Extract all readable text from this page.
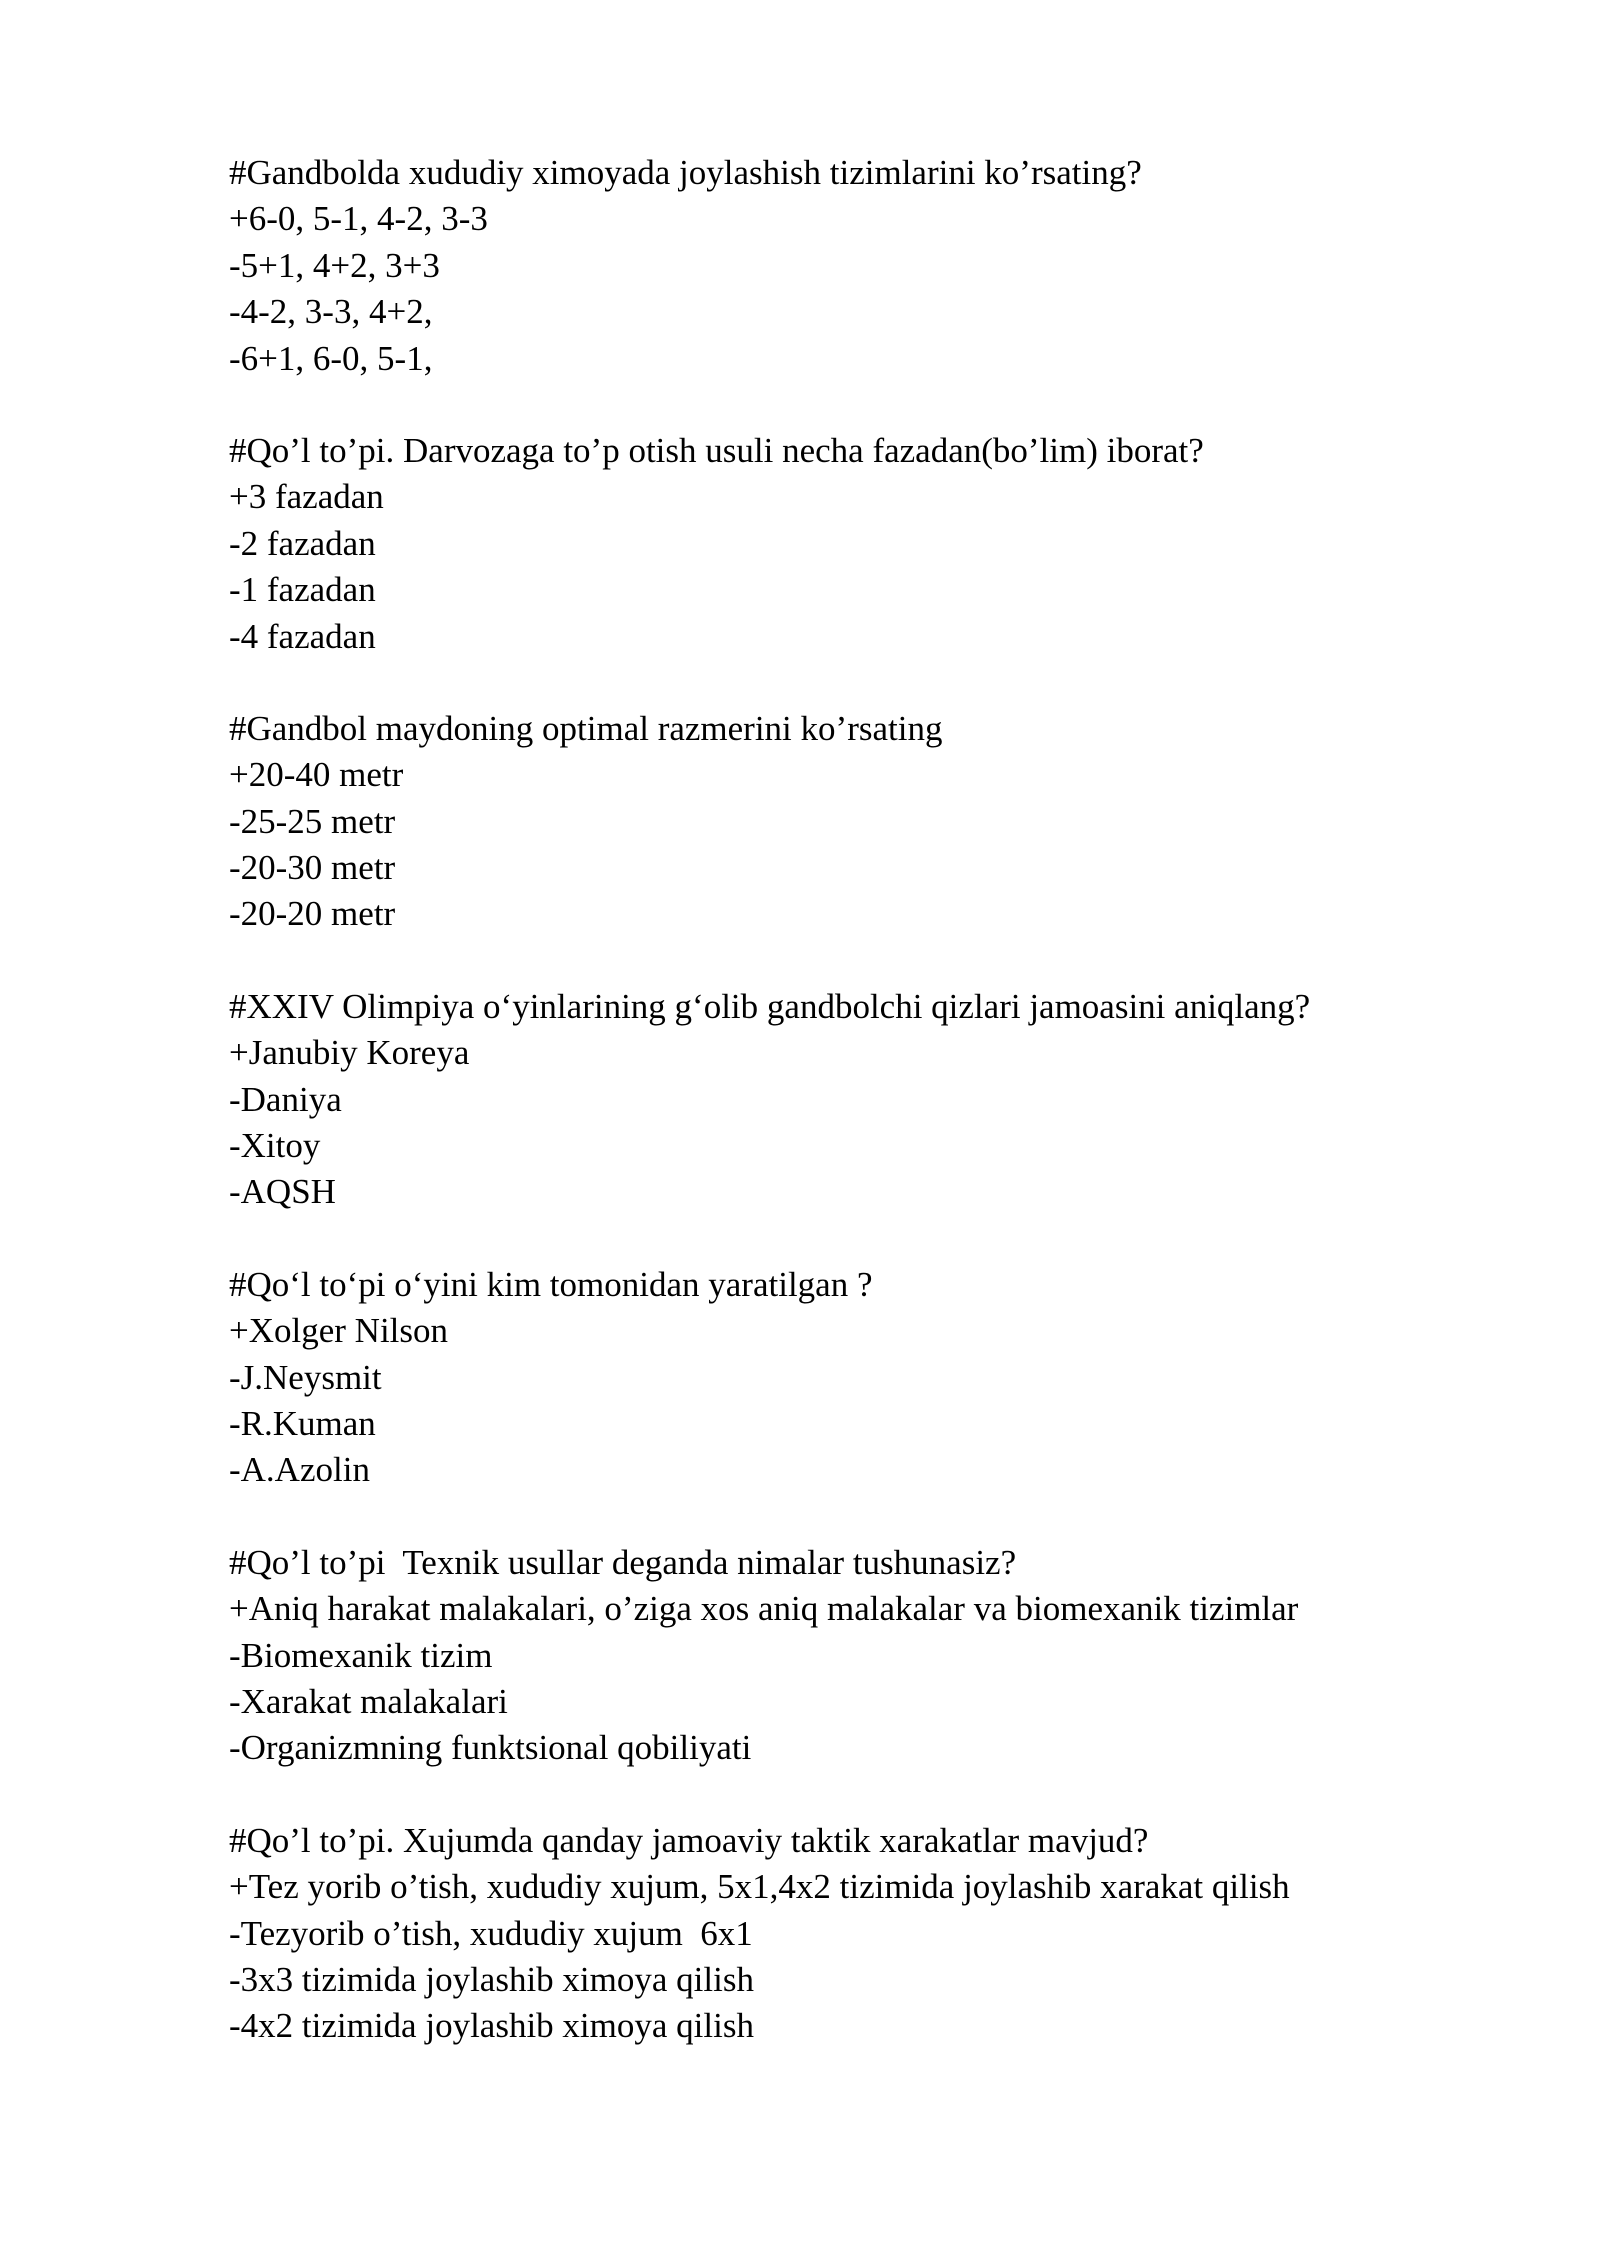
#Gandbolda xududiy ximoyada joylashish tizimlarini ko’rsating?
+6-0, 5-1, 4-2, 3-3
-5+1, 4+2, 3+3
-4-2, 3-3, 4+2,
-6+1, 6-0, 5-1,
#Qo’l to’pi. Darvozaga to’p otish usuli necha fazadan(bo’lim) iborat?
+3 fazadan
-2 fazadan
-1 fazadan
-4 fazadan
#Gandbol maydoning optimal razmerini ko’rsating
+20-40 metr
-25-25 metr
-20-30 metr
-20-20 metr
#XXIV Olimpiya o‘yinlarining g‘olib gandbolchi qizlari jamoasini aniqlang?
+Janubiy Koreya
-Daniya
-Xitoy
-AQSH
#Qo‘l to‘pi o‘yini kim tomonidan yaratilgan ?
+Xolger Nilson
-J.Neysmit
-R.Kuman
-A.Azolin
#Qo’l to’pi  Texnik usullar deganda nimalar tushunasiz?
+Aniq harakat malakalari, o’ziga xos aniq malakalar va biomexanik tizimlar
-Biomexanik tizim
-Xarakat malakalari
-Organizmning funktsional qobiliyati
#Qo’l to’pi. Xujumda qanday jamoaviy taktik xarakatlar mavjud?
+Tez yorib o’tish, xududiy xujum, 5x1,4x2 tizimida joylashib xarakat qilish
-Tezyorib o’tish, xududiy xujum  6x1
-3x3 tizimida joylashib ximoya qilish
-4x2 tizimida joylashib ximoya qilish
